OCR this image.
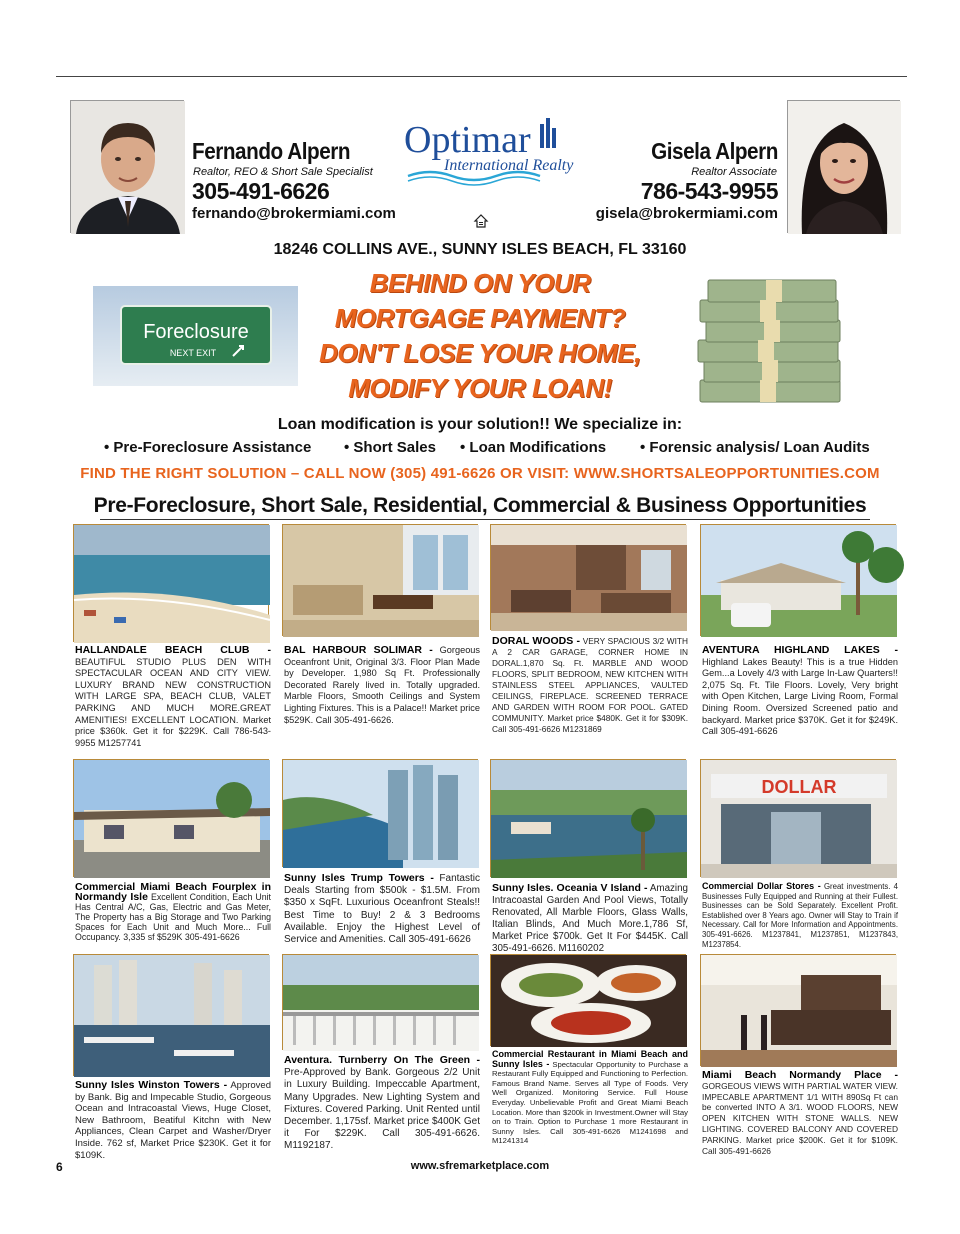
Fernando Alpern
Realtor, REO & Short Sale Specialist
305-491-6626
fernando@brokermiami.com
Optimar
International Realty
Gisela Alpern
Realtor Associate
786-543-9955
gisela@brokermiami.com
18246 COLLINS AVE., SUNNY ISLES BEACH, FL 33160
Foreclosure
NEXT EXIT
BEHIND ON YOUR
MORTGAGE PAYMENT?
DON'T LOSE YOUR HOME,
MODIFY YOUR LOAN!
Loan modification is your solution!! We specialize in:
• Pre-Foreclosure Assistance • Short Sales • Loan Modifications • Forensic analysis/ Loan Audits
FIND THE RIGHT SOLUTION – CALL NOW (305) 491-6626 OR VISIT: WWW.SHORTSALEOPPORTUNITIES.COM
Pre-Foreclosure, Short Sale, Residential, Commercial & Business Opportunities
HALLANDALE BEACH CLUB - BEAUTIFUL STUDIO PLUS DEN WITH SPECTACULAR OCEAN AND CITY VIEW. LUXURY BRAND NEW CONSTRUCTION WITH LARGE SPA, BEACH CLUB, VALET PARKING AND MUCH MORE.GREAT AMENITIES! EXCELLENT LOCATION. Market price $360k. Get it for $229K. Call 786-543-9955 M1257741
BAL HARBOUR SOLIMAR - Gorgeous Oceanfront Unit, Original 3/3. Floor Plan Made by Developer. 1,980 Sq Ft. Professionally Decorated Rarely lived in. Totally upgraded. Marble Floors, Smooth Ceilings and System Lighting Fixtures. This is a Palace!! Market price $529K. Call 305-491-6626.
DORAL WOODS - VERY SPACIOUS 3/2 WITH A 2 CAR GARAGE, CORNER HOME IN DORAL.1,870 Sq. Ft. MARBLE AND WOOD FLOORS, SPLIT BEDROOM, NEW KITCHEN WITH STAINLESS STEEL APPLIANCES, VAULTED CEILINGS, FIREPLACE. SCREENED TERRACE AND GARDEN WITH ROOM FOR POOL. GATED COMMUNITY. Market price $480K. Get it for $309K. Call 305-491-6626 M1231869
AVENTURA HIGHLAND LAKES - Highland Lakes Beauty! This is a true Hidden Gem...a Lovely 4/3 with Large In-Law Quarters!! 2,075 Sq. Ft. Tile Floors. Lovely, Very bright with Open Kitchen, Large Living Room, Formal Dining Room. Oversized Screened patio and backyard. Market price $370K. Get it for $249K. Call 305-491-6626
DOLLAR
Commercial Miami Beach Fourplex in Normandy Isle Excellent Condition, Each Unit Has Central A/C, Gas, Electric and Gas Meter, The Property has a Big Storage and Two Parking Spaces for Each Unit and Much More... Full Occupancy. 3,335 sf $529K 305-491-6626
Sunny Isles Trump Towers - Fantastic Deals Starting from $500k - $1.5M. From $350 x SqFt. Luxurious Oceanfront Steals!! Best Time to Buy! 2 & 3 Bedrooms Available. Enjoy the Highest Level of Service and Amenities. Call 305-491-6626
Sunny Isles. Oceania V Island - Amazing Intracoastal Garden And Pool Views, Totally Renovated, All Marble Floors, Glass Walls, Italian Blinds, And Much More.1,786 Sf, Market Price $700k. Get It For $445K. Call 305-491-6626. M1160202
Commercial Dollar Stores - Great investments. 4 Businesses Fully Equipped and Running at their Fullest. Businesses can be Sold Separately. Excellent Profit. Established over 8 Years ago. Owner will Stay to Train if Necessary. Call for More Information and Appointments. 305-491-6626. M1237841, M1237851, M1237843, M1237854.
Sunny Isles Winston Towers - Approved by Bank. Big and Impecable Studio, Gorgeous Ocean and Intracoastal Views, Huge Closet, New Bathroom, Beatiful Kitchn with New Appliances, Clean Carpet and Washer/Dryer Inside. 762 sf, Market Price $230K. Get it for $109K.
Aventura. Turnberry On The Green - Pre-Approved by Bank. Gorgeous 2/2 Unit in Luxury Building. Impeccable Apartment, Many Upgrades. New Lighting System and Fixtures. Covered Parking. Unit Rented until December. 1,175sf. Market price $400K Get it For $229K. Call 305-491-6626. M1192187.
Commercial Restaurant in Miami Beach and Sunny Isles - Spectacular Opportunity to Purchase a Restaurant Fully Equipped and Functioning to Perfection. Famous Brand Name. Serves all Type of Foods. Very Well Organized. Monitoring Service. Full House Everyday. Unbelievable Profit and Great Miami Beach Location. More than $200k in Investment.Owner will Stay on to Train. Option to Purchase 1 more Restaurant in Sunny Isles. Call 305-491-6626 M1241698 and M1241314
Miami Beach Normandy Place - GORGEOUS VIEWS WITH PARTIAL WATER VIEW. IMPECABLE APARTMENT 1/1 WITH 890Sq Ft can be converted INTO A 3/1. WOOD FLOORS, NEW OPEN KITCHEN WITH STONE WALLS. NEW LIGHTING. COVERED BALCONY AND COVERED PARKING. Market price $200K. Get it for $109K. Call 305-491-6626
6	www.sfremarketplace.com
